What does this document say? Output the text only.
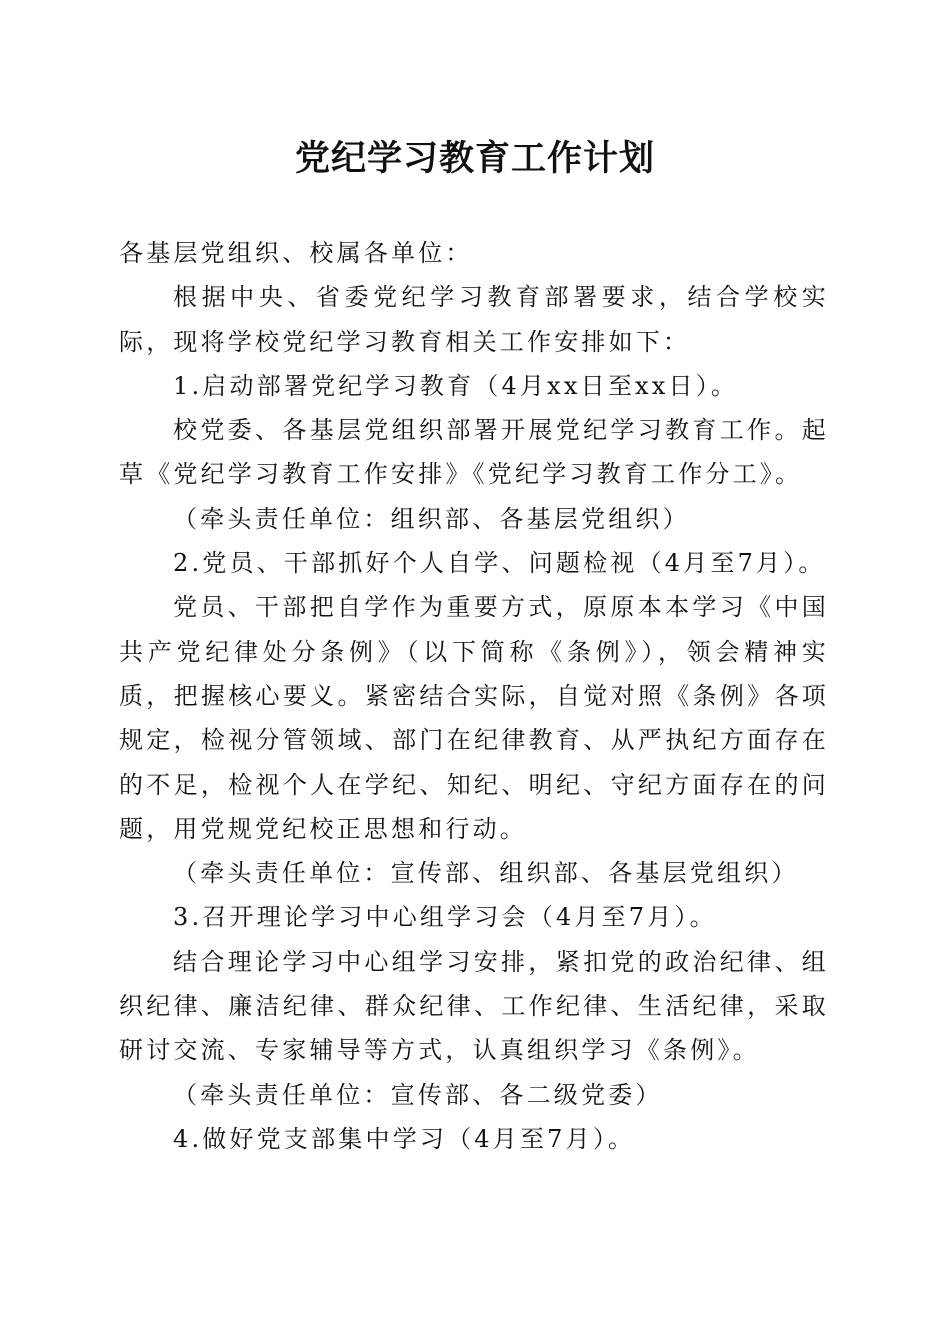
党纪学习教育工作计划

各基层党组织、校属各单位：

根据中央、省委党纪学习教育部署要求，结合学校实际，现将学校党纪学习教育相关工作安排如下：

1.启动部署党纪学习教育（4月xx日至xx日）。

校党委、各基层党组织部署开展党纪学习教育工作。起草《党纪学习教育工作安排》《党纪学习教育工作分工》。

（牵头责任单位：组织部、各基层党组织）

2.党员、干部抓好个人自学、问题检视（4月至7月）。

党员、干部把自学作为重要方式，原原本本学习《中国共产党纪律处分条例》（以下简称《条例》），领会精神实质，把握核心要义。紧密结合实际，自觉对照《条例》各项规定，检视分管领域、部门在纪律教育、从严执纪方面存在的不足，检视个人在学纪、知纪、明纪、守纪方面存在的问题，用党规党纪校正思想和行动。

（牵头责任单位：宣传部、组织部、各基层党组织）

3.召开理论学习中心组学习会（4月至7月）。

结合理论学习中心组学习安排，紧扣党的政治纪律、组织纪律、廉洁纪律、群众纪律、工作纪律、生活纪律，采取研讨交流、专家辅导等方式，认真组织学习《条例》。

（牵头责任单位：宣传部、各二级党委）

4.做好党支部集中学习（4月至7月）。
